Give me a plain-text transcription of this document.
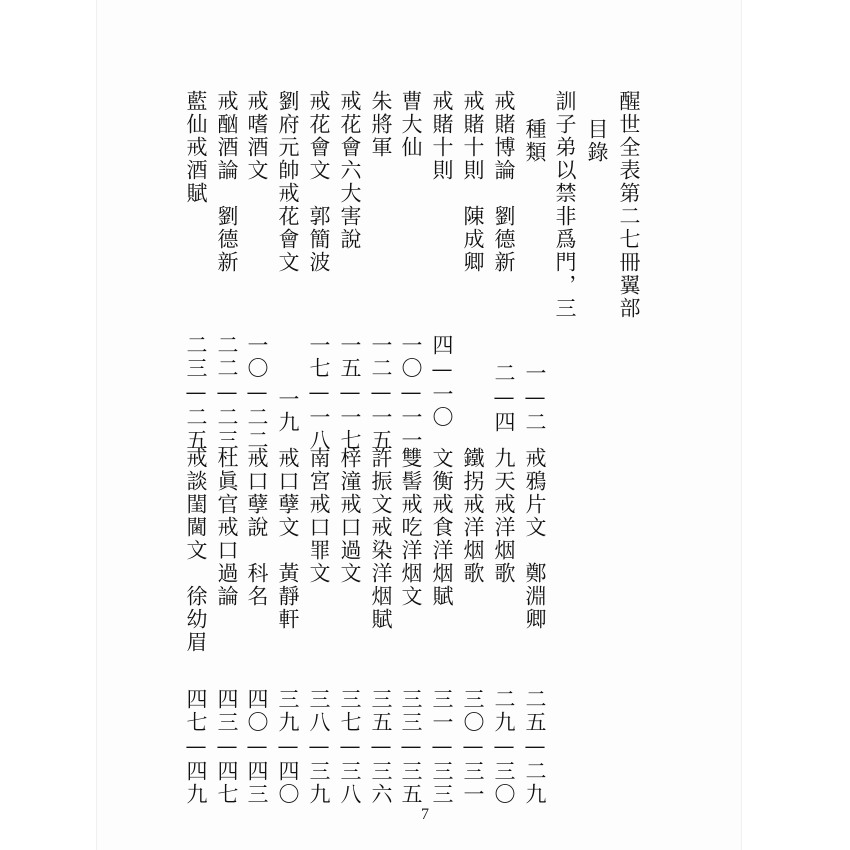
醒世全表第二七冊翼部
目錄
訓子弟以禁非爲門，三
種類
戒賭博論　劉德新
戒賭十則　陳成卿
戒賭十則
曹大仙
朱將軍
戒花會六大害說
戒花會文　郭簡波
劉府元帥戒花會文
戒嗜酒文
戒酗酒論　劉德新
藍仙戒酒賦
一—二
二—四
四—一〇
一〇—一一
一二—一五
一五—一七
一七—一八
一九
一〇—二二
二二—二三
二三—二五
戒鴉片文　鄭淵卿
九天戒洋烟歌
鐵拐戒洋烟歌
文衡戒食洋烟賦
雙髻戒吃洋烟文
許振文戒染洋烟賦
梓潼戒口過文
南宮戒口罪文
戒口孽文　黃靜軒
戒口孽說　科名
杜眞官戒口過論
戒談閨閫文　徐幼眉
二五—二九
二九—三〇
三〇—三一
三一—三三
三三—三五
三五—三六
三七—三八
三八—三九
三九—四〇
四〇—四三
四三—四七
四七—四九
7
